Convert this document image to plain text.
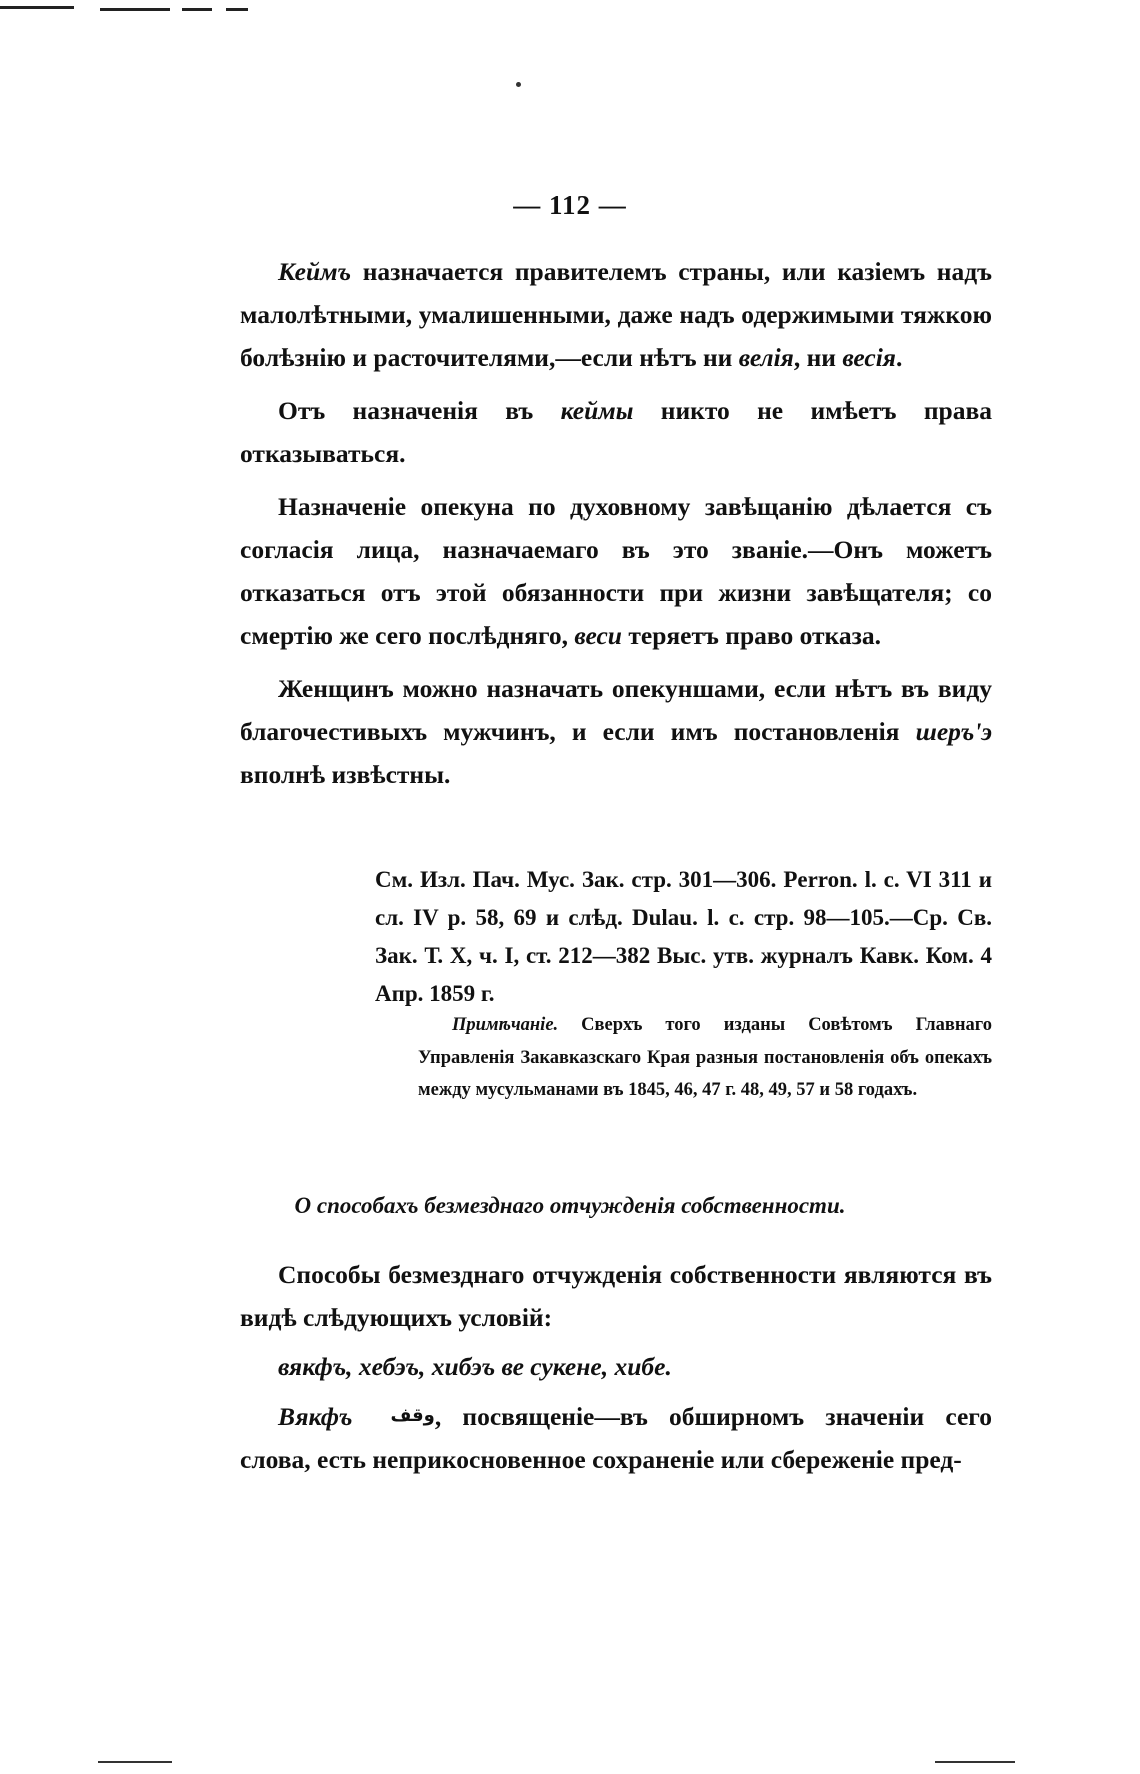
— 112 —

Кеймъ назначается правителемъ страны, или казіемъ надъ малолѣтными, умалишенными, даже надъ одержимыми тяжкою болѣзнію и расточителями,—если нѣтъ ни велія, ни весія.

Отъ назначенія въ кеймы никто не имѣетъ права отказываться.

Назначеніе опекуна по духовному завѣщанію дѣлается съ согласія лица, назначаемаго въ это званіе.—Онъ можетъ отказаться отъ этой обязанности при жизни завѣщателя; со смертію же сего послѣдняго, веси теряетъ право отказа.

Женщинъ можно назначать опекуншами, если нѣтъ въ виду благочестивыхъ мужчинъ, и если имъ постановленія шеръ'э вполнѣ извѣстны.

См. Изл. Пач. Мус. Зак. стр. 301—306. Perron. l. c. VI 311 и сл. IV p. 58, 69 и слѣд. Dulau. l. c. стр. 98—105.—Ср. Св. Зак. Т. X, ч. I, ст. 212—382 Выс. утв. журналъ Кавк. Ком. 4 Апр. 1859 г.
Примѣчаніе. Сверхъ того изданы Совѣтомъ Главнаго Управленія Закавказскаго Края разныя постановленія объ опекахъ между мусульманами въ 1845, 46, 47 г. 48, 49, 57 и 58 годахъ.
О способахъ безмезднаго отчужденія собственности.

Способы безмезднаго отчужденія собственности являются въ видѣ слѣдующихъ условій:

вякфъ, хебэъ, хибэъ ве сукене, хибе.

Вякфъ وقف, посвященіе—въ обширномъ значеніи сего слова, есть неприкосновенное сохраненіе или сбереженіе пред-
